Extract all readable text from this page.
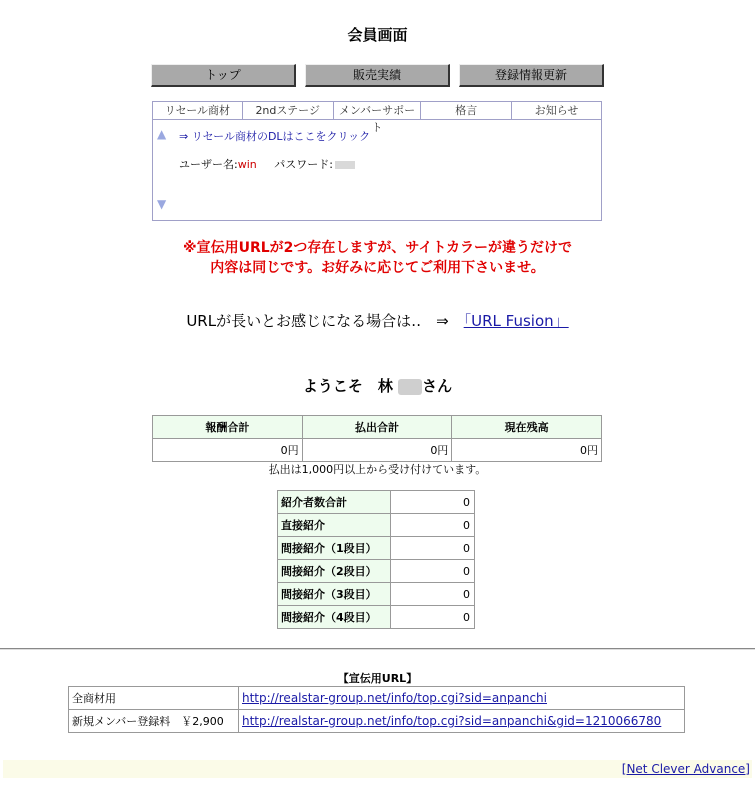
会員画面
トップ	販売実績	登録情報更新
リセール商材	2ndステージ	メンバーサポート
格言	お知らせ
▲
▼
⇒ リセール商材のDLはここをクリック
ユーザー名:win パスワード:
※宣伝用URLが2つ存在しますが、サイトカラーが違うだけで
内容は同じです。お好みに応じてご利用下さいませ。
URLが長いとお感じになる場合は‥　⇒　「URL Fusion」
ようこそ　林 さん
報酬合計	払出合計	現在残高
0円	0円	0円
払出は1,000円以上から受け付けています。
紹介者数合計	0
直接紹介	0
間接紹介（1段目）	0
間接紹介（2段目）	0
間接紹介（3段目）	0
間接紹介（4段目）	0
【宣伝用URL】
全商材用	http://realstar-group.net/info/top.cgi?sid=anpanchi
新規メンバー登録料　￥2,900	http://realstar-group.net/info/top.cgi?sid=anpanchi&gid=1210066780
[Net Clever Advance]
